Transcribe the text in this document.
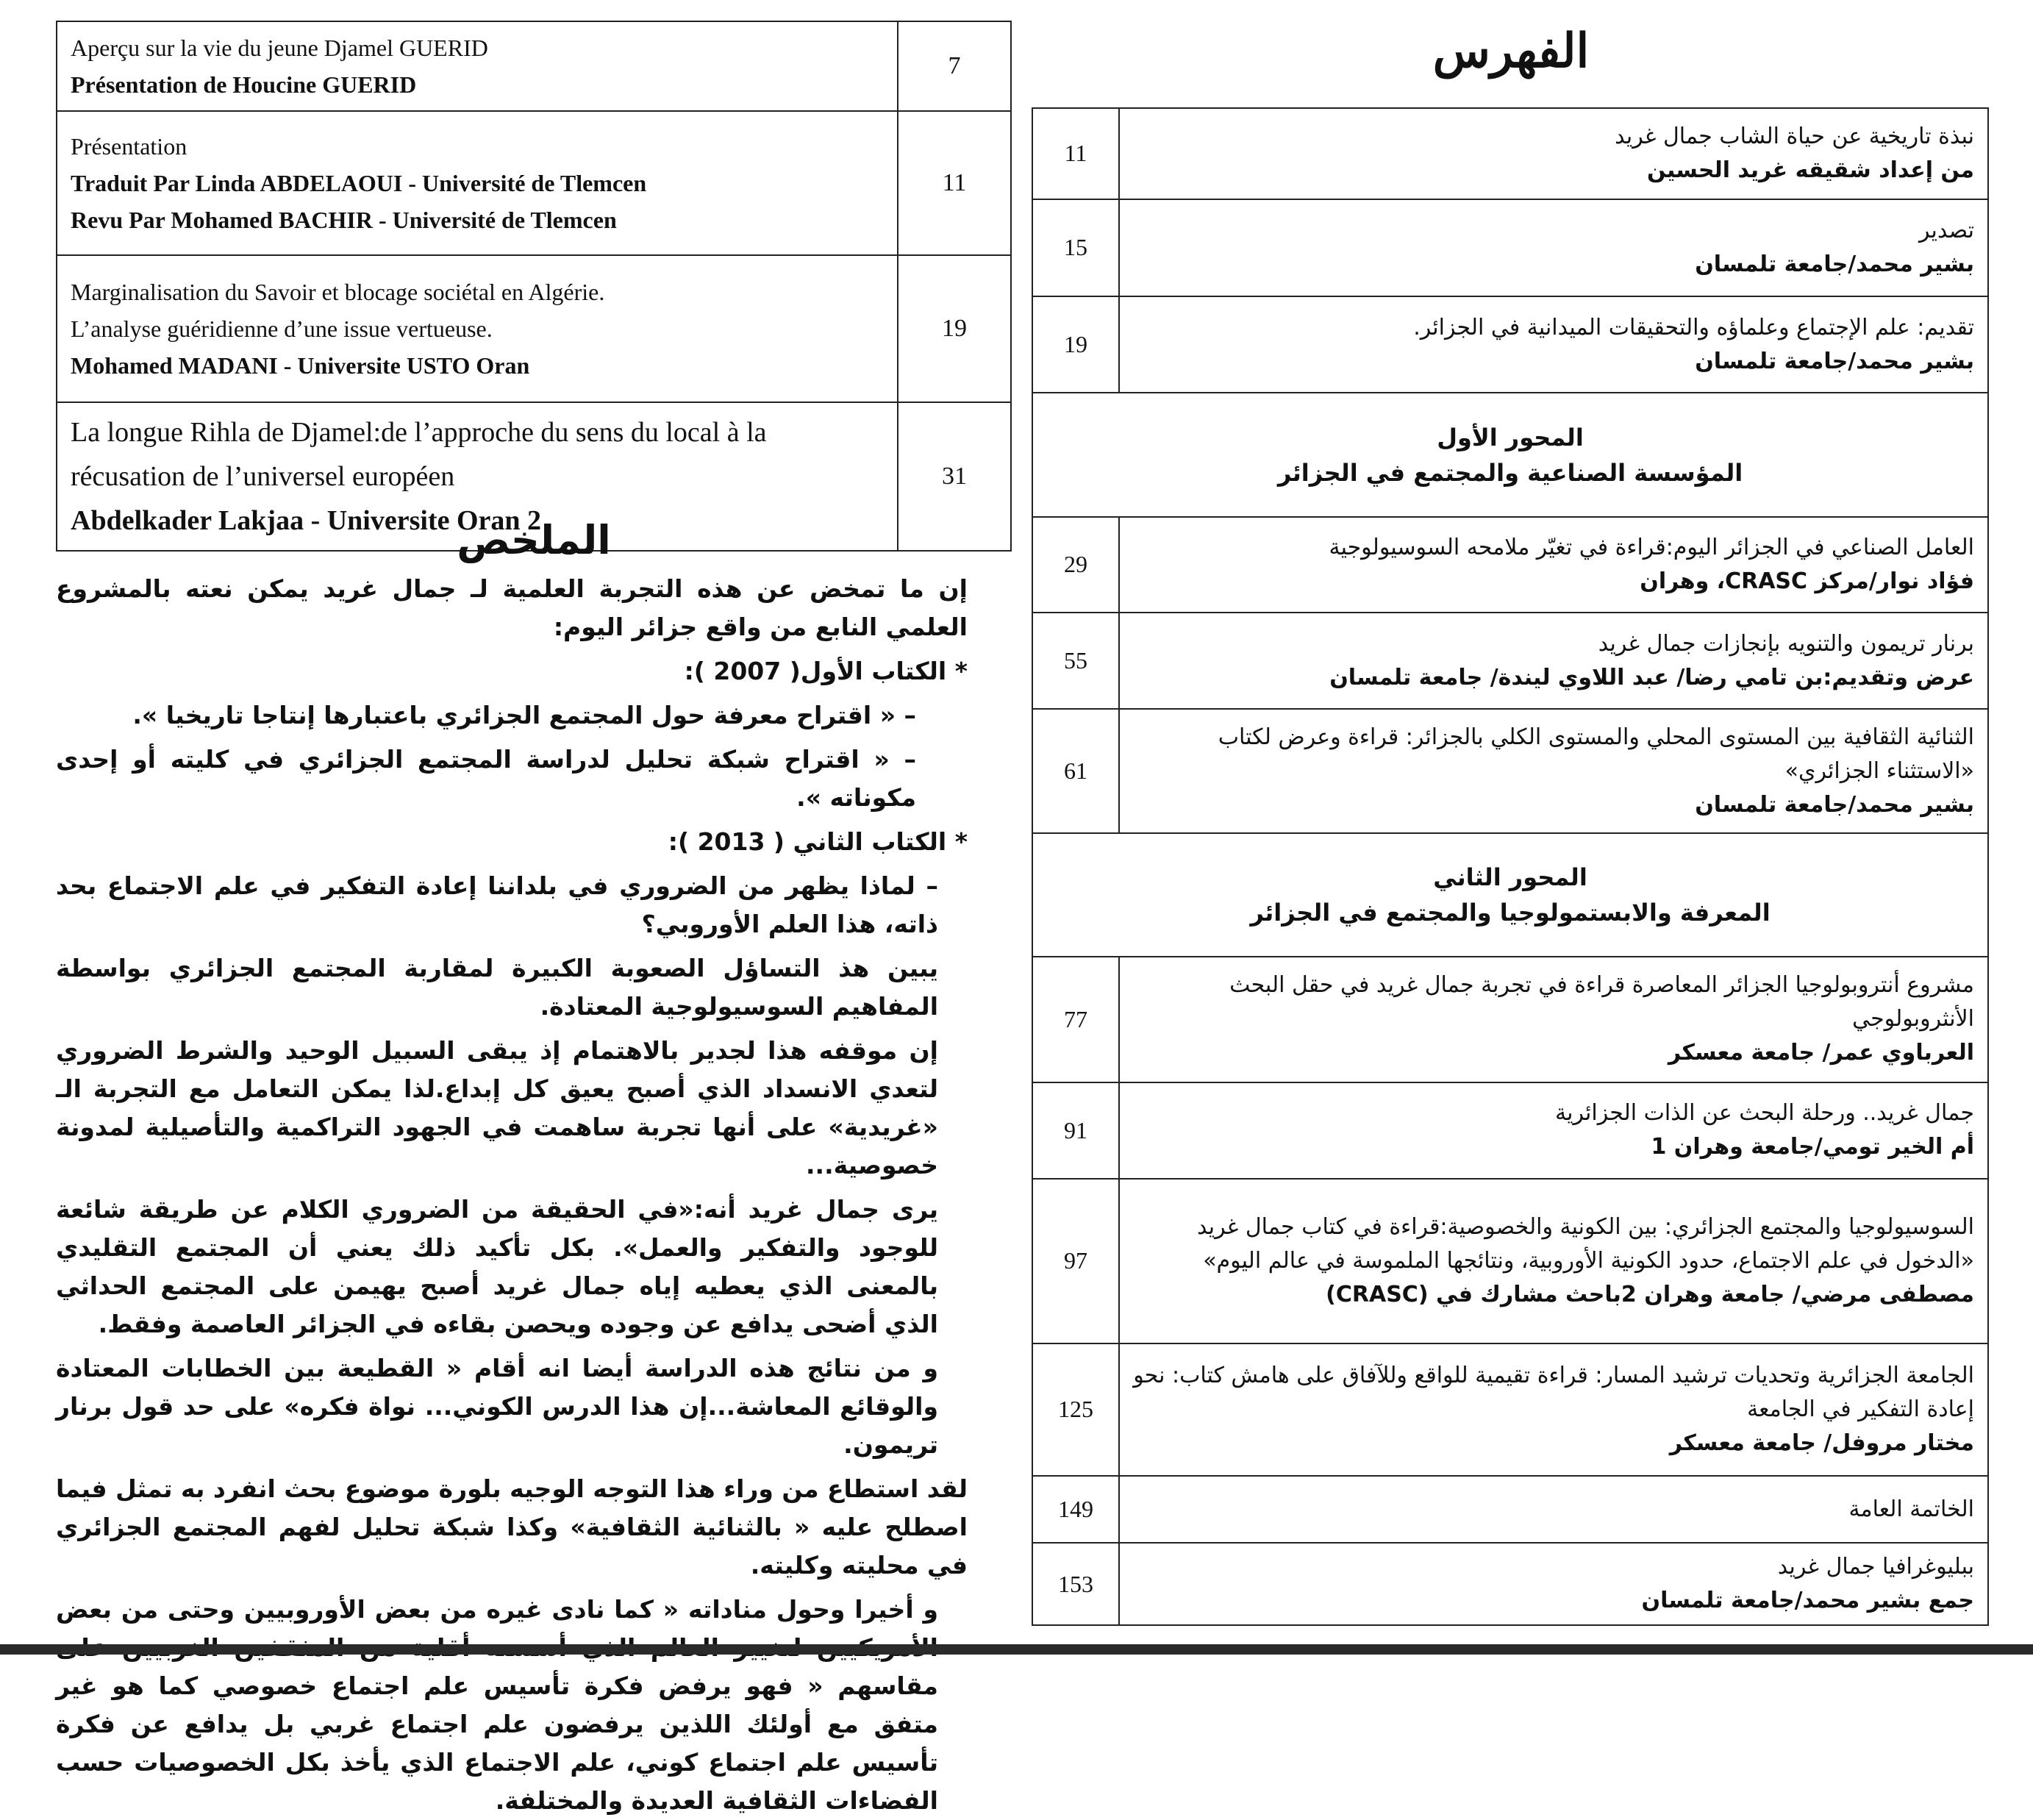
Aperçu sur la vie du jeune Djamel GUERID
Présentation de Houcine GUERID	7

Présentation
Traduit Par Linda ABDELAOUI - Université de Tlemcen
Revu Par Mohamed BACHIR - Université de Tlemcen	11

Marginalisation du Savoir et blocage sociétal en Algérie.
L’analyse guéridienne d’une issue vertueuse.
Mohamed MADANI - Universite USTO Oran	19

La longue Rihla de Djamel:de l’approche du sens du local à la
récusation de l’universel européen
Abdelkader Lakjaa - Universite Oran 2	31
الملخص

إن ما تمخض عن هذه التجربة العلمية لـ جمال غريد يمكن نعته بالمشروع العلمي النابع من واقع جزائر اليوم:

* الكتاب الأول( 2007 ):

– « اقتراح معرفة حول المجتمع الجزائري باعتبارها إنتاجا تاريخيا ».

– « اقتراح شبكة تحليل لدراسة المجتمع الجزائري في كليته أو إحدى مكوناته ».

* الكتاب الثاني ( 2013 ):

– لماذا يظهر من الضروري في بلداننا إعادة التفكير في علم الاجتماع بحد ذاته، هذا العلم الأوروبي؟

يبين هذ التساؤل الصعوبة الكبيرة لمقاربة المجتمع الجزائري بواسطة المفاهيم السوسيولوجية المعتادة.

إن موقفه هذا لجدير بالاهتمام إذ يبقى السبيل الوحيد والشرط الضروري لتعدي الانسداد الذي أصبح يعيق كل إبداع.لذا يمكن التعامل مع التجربة الـ «غريدية» على أنها تجربة ساهمت في الجهود التراكمية والتأصيلية لمدونة خصوصية...

يرى جمال غريد أنه:«في الحقيقة من الضروري الكلام عن طريقة شائعة للوجود والتفكير والعمل». بكل تأكيد ذلك يعني أن المجتمع التقليدي بالمعنى الذي يعطيه إياه جمال غريد أصبح يهيمن على المجتمع الحداثي الذي أضحى يدافع عن وجوده ويحصن بقاءه في الجزائر العاصمة وفقط.

و من نتائج هذه الدراسة أيضا انه أقام « القطيعة بين الخطابات المعتادة والوقائع المعاشة...إن هذا الدرس الكوني... نواة فكره» على حد قول برنار تريمون.

لقد استطاع من وراء هذا التوجه الوجيه بلورة موضوع بحث انفرد به تمثل فيما اصطلح عليه « بالثنائية الثقافية» وكذا شبكة تحليل لفهم المجتمع الجزائري في محليته وكليته.

و أخيرا وحول مناداته « كما نادى غيره من بعض الأوروبيين وحتى من بعض مقاسهم « فهو يرفض فكرة تأسيس علم اجتماع خصوصي كما هو غير متفق مع أولئك اللذين يرفضون علم اجتماع غربي بل يدافع عن فكرة تأسيس علم اجتماع كوني، علم الاجتماع الذي يأخذ بكل الخصوصيات حسب الفضاءات الثقافية العديدة والمختلفة.

الفهرس
نبذة تاريخية عن حياة الشاب جمال غريد
من إعداد شقيقه غريد الحسين	11

تصدير
بشير محمد/جامعة تلمسان	15

تقديم: علم الإجتماع وعلماؤه والتحقيقات الميدانية في الجزائر.
بشير محمد/جامعة تلمسان	19

المحور الأول
المؤسسة الصناعية والمجتمع في الجزائر	

العامل الصناعي في الجزائر اليوم:قراءة في تغيّر ملامحه السوسيولوجية
فؤاد نوار/مركز CRASC، وهران	29

برنار تريمون والتنويه بإنجازات جمال غريد
عرض وتقديم:بن تامي رضا/ عبد اللاوي ليندة/ جامعة تلمسان	55

الثنائية الثقافية بين المستوى المحلي والمستوى الكلي بالجزائر: قراءة وعرض لكتاب «الاستثناء الجزائري»
بشير محمد/جامعة تلمسان	61

المحور الثاني
المعرفة والابستمولوجيا والمجتمع في الجزائر	

مشروع أنتروبولوجيا الجزائر المعاصرة قراءة في تجربة جمال غريد في حقل البحث الأنثروبولوجي
العرباوي عمر/ جامعة معسكر	77

جمال غريد.. ورحلة البحث عن الذات الجزائرية
أم الخير تومي/جامعة وهران 1	91

السوسيولوجيا والمجتمع الجزائري: بين الكونية والخصوصية:قراءة في كتاب جمال غريد «الدخول في علم الاجتماع، حدود الكونية الأوروبية، ونتائجها الملموسة في عالم اليوم»
مصطفى مرضي/ جامعة وهران 2باحث مشارك في (CRASC)	97

الجامعة الجزائرية وتحديات ترشيد المسار: قراءة تقيمية للواقع وللآفاق على هامش كتاب: نحو إعادة التفكير في الجامعة
مختار مروفل/ جامعة معسكر	125

الخاتمة العامة	149

ببليوغرافيا جمال غريد
جمع بشير محمد/جامعة تلمسان	153
